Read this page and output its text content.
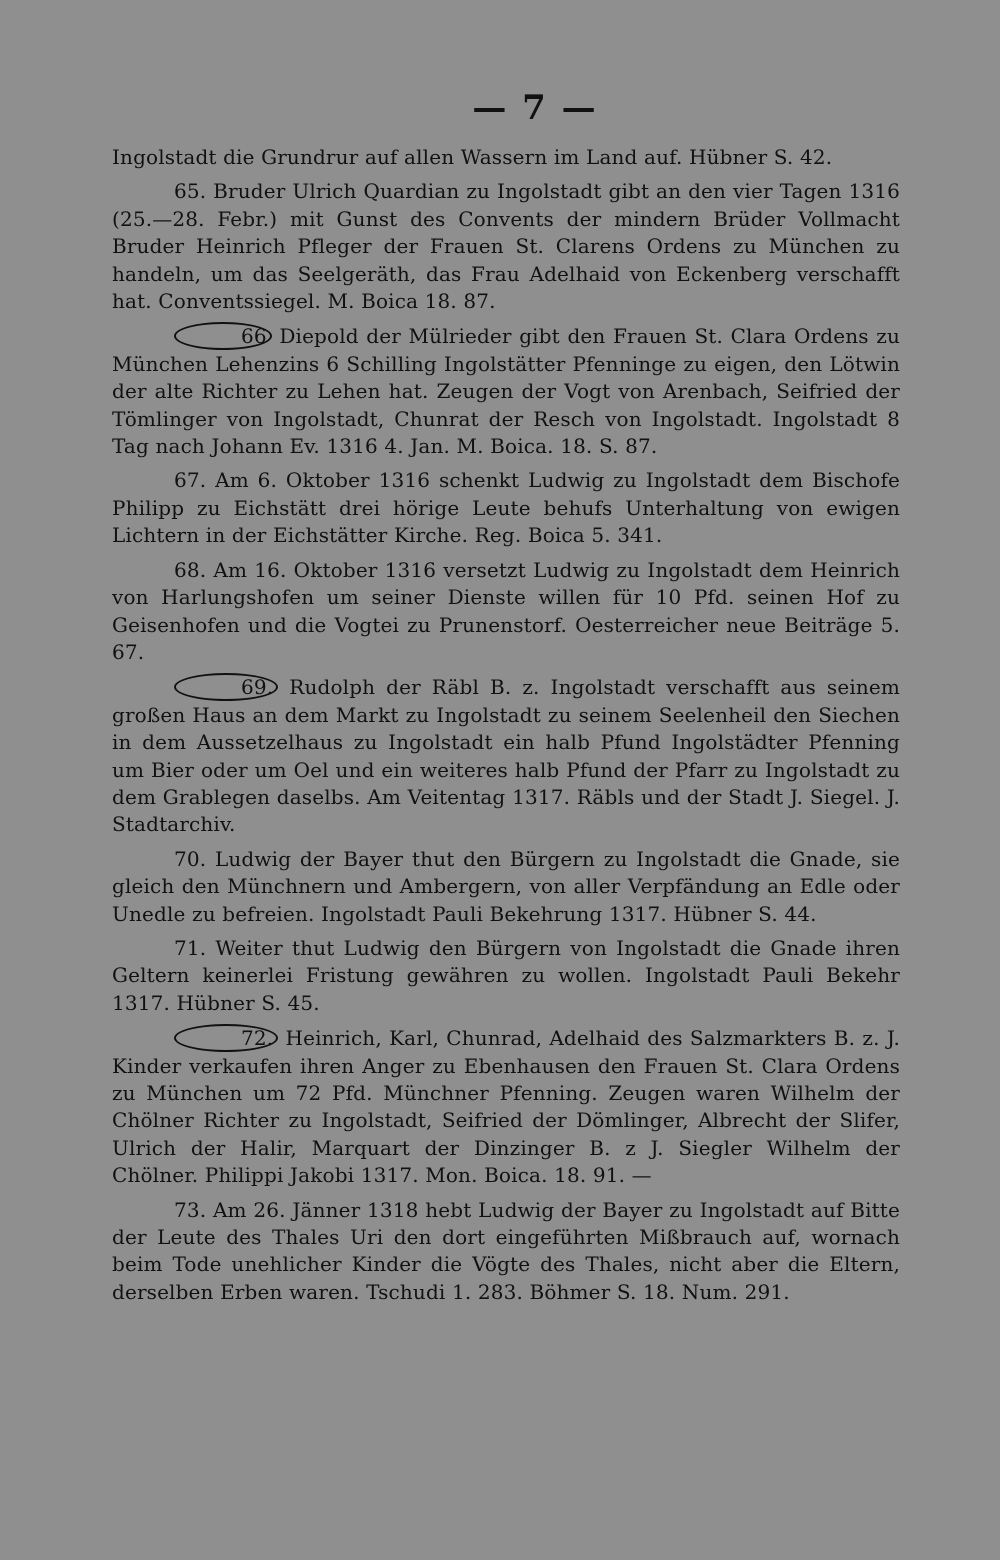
— 7 —

Ingolstadt die Grundrur auf allen Wassern im Land auf. Hübner S. 42.

65. Bruder Ulrich Quardian zu Ingolstadt gibt an den vier Tagen 1316 (25.—28. Febr.) mit Gunst des Convents der mindern Brüder Vollmacht Bruder Heinrich Pfleger der Frauen St. Clarens Ordens zu München zu handeln, um das Seelgeräth, das Frau Adelhaid von Eckenberg verschafft hat. Conventssiegel. M. Boica 18. 87.

66 Diepold der Mülrieder gibt den Frauen St. Clara Ordens zu München Lehenzins 6 Schilling Ingolstätter Pfenninge zu eigen, den Lötwin der alte Richter zu Lehen hat. Zeugen der Vogt von Arenbach, Seifried der Tömlinger von Ingolstadt, Chunrat der Resch von Ingolstadt. Ingolstadt 8 Tag nach Johann Ev. 1316 4. Jan. M. Boica. 18. S. 87.

67. Am 6. Oktober 1316 schenkt Ludwig zu Ingolstadt dem Bischofe Philipp zu Eichstätt drei hörige Leute behufs Unterhaltung von ewigen Lichtern in der Eichstätter Kirche. Reg. Boica 5. 341.

68. Am 16. Oktober 1316 versetzt Ludwig zu Ingolstadt dem Heinrich von Harlungshofen um seiner Dienste willen für 10 Pfd. seinen Hof zu Geisenhofen und die Vogtei zu Prunenstorf. Oesterreicher neue Beiträge 5. 67.

69. Rudolph der Räbl B. z. Ingolstadt verschafft aus seinem großen Haus an dem Markt zu Ingolstadt zu seinem Seelenheil den Siechen in dem Aussetzelhaus zu Ingolstadt ein halb Pfund Ingolstädter Pfenning um Bier oder um Oel und ein weiteres halb Pfund der Pfarr zu Ingolstadt zu dem Grablegen daselbs. Am Veitentag 1317. Räbls und der Stadt J. Siegel. J. Stadtarchiv.

70. Ludwig der Bayer thut den Bürgern zu Ingolstadt die Gnade, sie gleich den Münchnern und Ambergern, von aller Verpfändung an Edle oder Unedle zu befreien. Ingolstadt Pauli Bekehrung 1317. Hübner S. 44.

71. Weiter thut Ludwig den Bürgern von Ingolstadt die Gnade ihren Geltern keinerlei Fristung gewähren zu wollen. Ingolstadt Pauli Bekehr 1317. Hübner S. 45.

72. Heinrich, Karl, Chunrad, Adelhaid des Salzmarkters B. z. J. Kinder verkaufen ihren Anger zu Ebenhausen den Frauen St. Clara Ordens zu München um 72 Pfd. Münchner Pfenning. Zeugen waren Wilhelm der Chölner Richter zu Ingolstadt, Seifried der Dömlinger, Albrecht der Slifer, Ulrich der Halir, Marquart der Dinzinger B. z J. Siegler Wilhelm der Chölner. Philippi Jakobi 1317. Mon. Boica. 18. 91. —

73. Am 26. Jänner 1318 hebt Ludwig der Bayer zu Ingolstadt auf Bitte der Leute des Thales Uri den dort eingeführten Mißbrauch auf, wornach beim Tode unehlicher Kinder die Vögte des Thales, nicht aber die Eltern, derselben Erben waren. Tschudi 1. 283. Böhmer S. 18. Num. 291.
